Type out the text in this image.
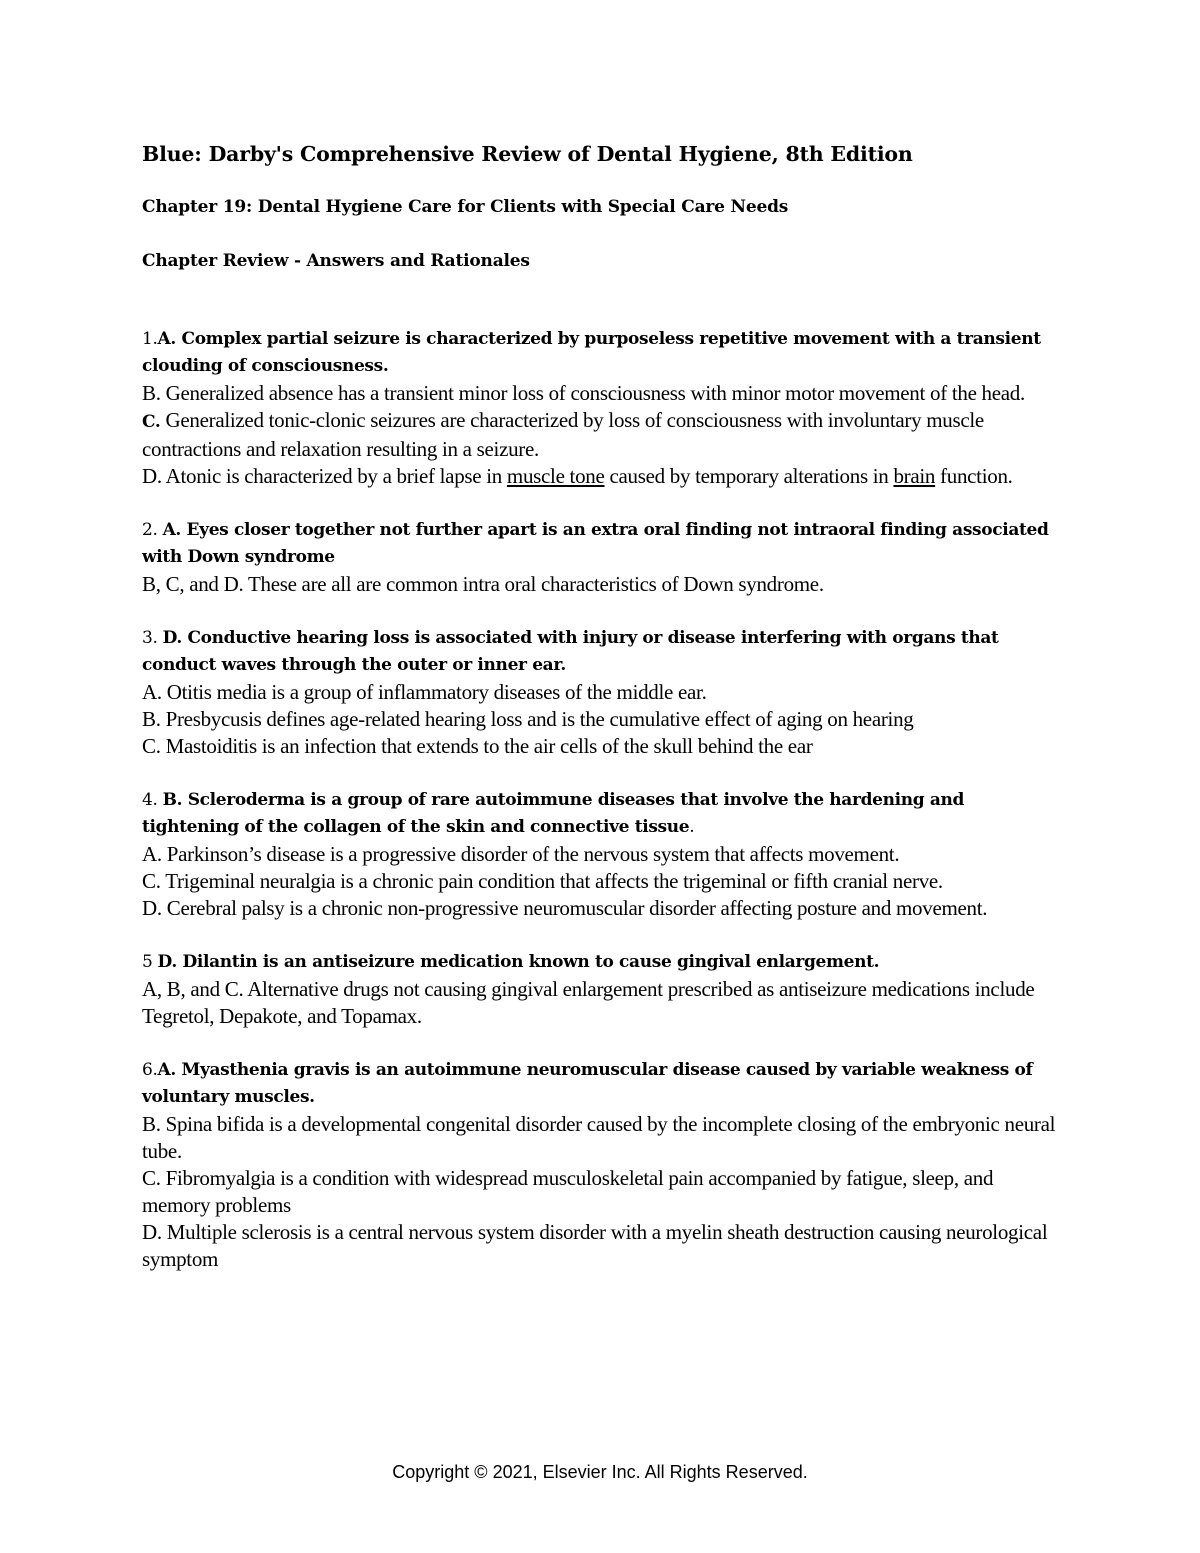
Blue: Darby's Comprehensive Review of Dental Hygiene, 8th Edition
Chapter 19: Dental Hygiene Care for Clients with Special Care Needs
Chapter Review - Answers and Rationales
1.A. Complex partial seizure is characterized by purposeless repetitive movement with a transient clouding of consciousness.
B. Generalized absence has a transient minor loss of consciousness with minor motor movement of the head.
C. Generalized tonic-clonic seizures are characterized by loss of consciousness with involuntary muscle contractions and relaxation resulting in a seizure.
D. Atonic is characterized by a brief lapse in muscle tone caused by temporary alterations in brain function.
2. A. Eyes closer together not further apart is an extra oral finding not intraoral finding associated with Down syndrome
B, C, and D. These are all are common intra oral characteristics of Down syndrome.
3. D. Conductive hearing loss is associated with injury or disease interfering with organs that conduct waves through the outer or inner ear.
A. Otitis media is a group of inflammatory diseases of the middle ear.
B. Presbycusis defines age-related hearing loss and is the cumulative effect of aging on hearing
C. Mastoiditis is an infection that extends to the air cells of the skull behind the ear
4. B. Scleroderma is a group of rare autoimmune diseases that involve the hardening and tightening of the collagen of the skin and connective tissue.
A. Parkinson’s disease is a progressive disorder of the nervous system that affects movement.
C. Trigeminal neuralgia is a chronic pain condition that affects the trigeminal or fifth cranial nerve.
D. Cerebral palsy is a chronic non-progressive neuromuscular disorder affecting posture and movement.
5 D. Dilantin is an antiseizure medication known to cause gingival enlargement.
A, B, and C. Alternative drugs not causing gingival enlargement prescribed as antiseizure medications include Tegretol, Depakote, and Topamax.
6.A. Myasthenia gravis is an autoimmune neuromuscular disease caused by variable weakness of voluntary muscles.
B. Spina bifida is a developmental congenital disorder caused by the incomplete closing of the embryonic neural tube.
C. Fibromyalgia is a condition with widespread musculoskeletal pain accompanied by fatigue, sleep, and memory problems
D. Multiple sclerosis is a central nervous system disorder with a myelin sheath destruction causing neurological symptom
Copyright © 2021, Elsevier Inc. All Rights Reserved.
